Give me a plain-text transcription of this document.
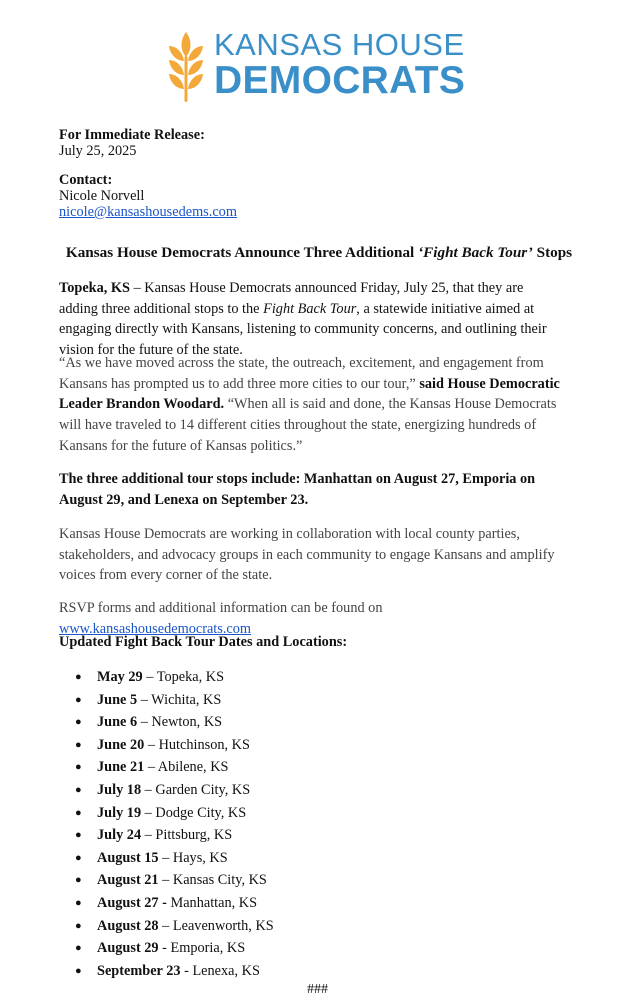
KANSAS HOUSE
DEMOCRATS
For Immediate Release:
July 25, 2025
Contact:
Nicole Norvell
nicole@kansashousedems.com
Kansas House Democrats Announce Three Additional ‘Fight Back Tour’ Stops
Topeka, KS – Kansas House Democrats announced Friday, July 25, that they are adding three additional stops to the Fight Back Tour, a statewide initiative aimed at engaging directly with Kansans, listening to community concerns, and outlining their vision for the future of the state.
“As we have moved across the state, the outreach, excitement, and engagement from Kansans has prompted us to add three more cities to our tour,” said House Democratic Leader Brandon Woodard. “When all is said and done, the Kansas House Democrats will have traveled to 14 different cities throughout the state, energizing hundreds of Kansans for the future of Kansas politics.”
The three additional tour stops include: Manhattan on August 27, Emporia on August 29, and Lenexa on September 23.
Kansas House Democrats are working in collaboration with local county parties, stakeholders, and advocacy groups in each community to engage Kansans and amplify voices from every corner of the state.
RSVP forms and additional information can be found on www.kansashousedemocrats.com
Updated Fight Back Tour Dates and Locations:
● May 29 – Topeka, KS
● June 5 – Wichita, KS
● June 6 – Newton, KS
● June 20 – Hutchinson, KS
● June 21 – Abilene, KS
● July 18 – Garden City, KS
● July 19 – Dodge City, KS
● July 24 – Pittsburg, KS
● August 15 – Hays, KS
● August 21 – Kansas City, KS
● August 27 - Manhattan, KS
● August 28 – Leavenworth, KS
● August 29 - Emporia, KS
● September 23 - Lenexa, KS
###
